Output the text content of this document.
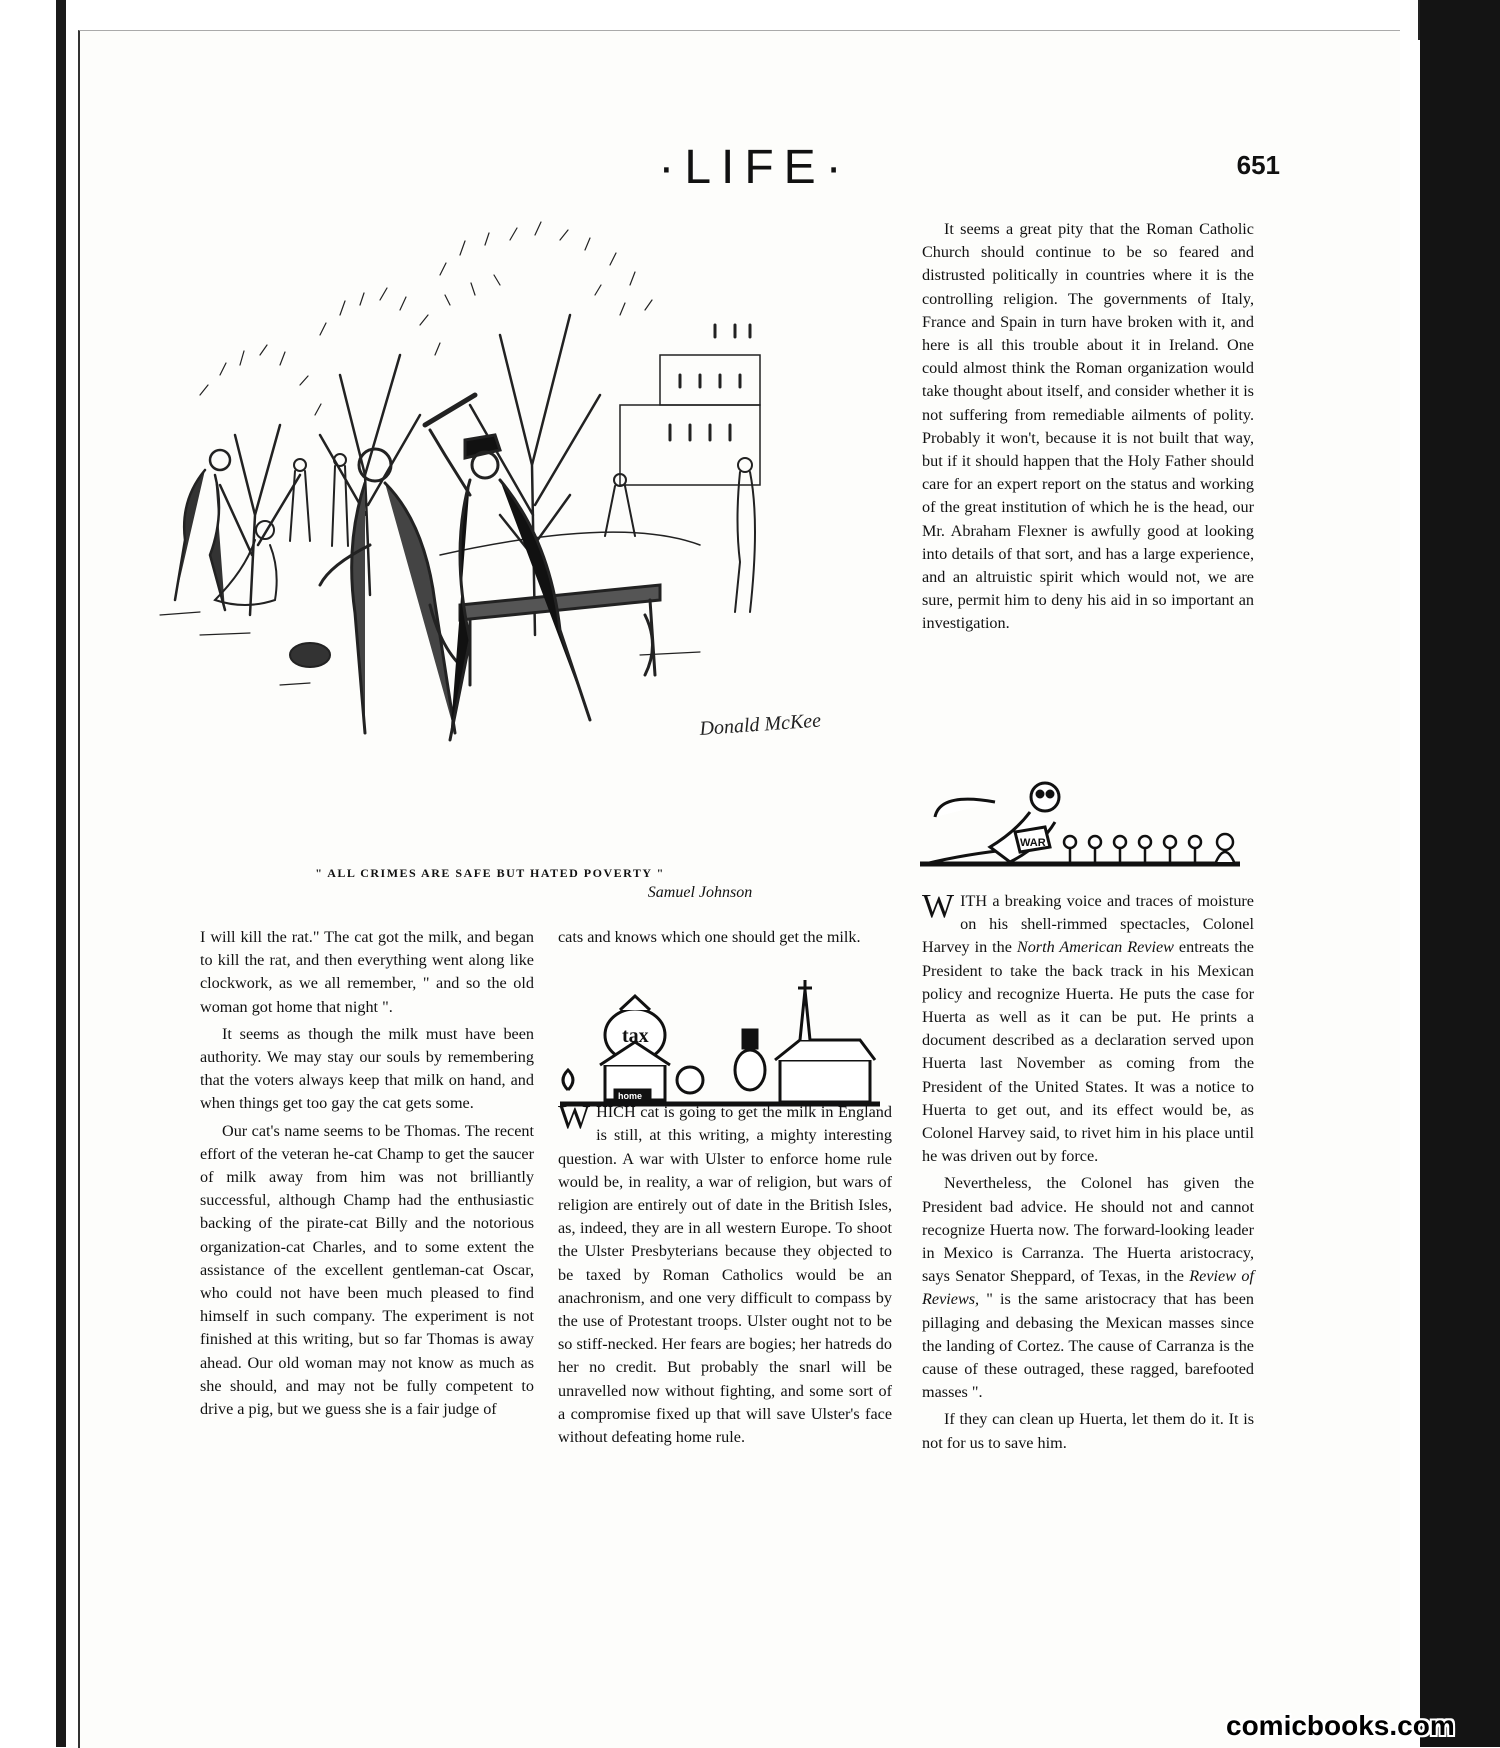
·LIFE·	651
Donald McKee
" ALL CRIMES ARE SAFE BUT HATED POVERTY "
Samuel Johnson

I will kill the rat." The cat got the milk, and began to kill the rat, and then everything went along like clockwork, as we all remember, " and so the old woman got home that night ".

It seems as though the milk must have been authority. We may stay our souls by remembering that the voters always keep that milk on hand, and when things get too gay the cat gets some.

Our cat's name seems to be Thomas. The recent effort of the veteran he-cat Champ to get the saucer of milk away from him was not brilliantly successful, although Champ had the enthusiastic backing of the pirate-cat Billy and the notorious organization-cat Charles, and to some extent the assistance of the excellent gentleman-cat Oscar, who could not have been much pleased to find himself in such company. The experiment is not finished at this writing, but so far Thomas is away ahead. Our old woman may not know as much as she should, and may not be fully competent to drive a pig, but we guess she is a fair judge of

cats and knows which one should get the milk.

WHICH cat is going to get the milk in England is still, at this writing, a mighty interesting question. A war with Ulster to enforce home rule would be, in reality, a war of religion, but wars of religion are entirely out of date in the British Isles, as, indeed, they are in all western Europe. To shoot the Ulster Presbyterians because they objected to be taxed by Roman Catholics would be an anachronism, and one very difficult to compass by the use of Protestant troops. Ulster ought not to be so stiff-necked. Her fears are bogies; her hatreds do her no credit. But probably the snarl will be unravelled now without fighting, and some sort of a compromise fixed up that will save Ulster's face without defeating home rule.

tax
home

It seems a great pity that the Roman Catholic Church should continue to be so feared and distrusted politically in countries where it is the controlling religion. The governments of Italy, France and Spain in turn have broken with it, and here is all this trouble about it in Ireland. One could almost think the Roman organization would take thought about itself, and consider whether it is not suffering from remediable ailments of polity. Probably it won't, because it is not built that way, but if it should happen that the Holy Father should care for an expert report on the status and working of the great institution of which he is the head, our Mr. Abraham Flexner is awfully good at looking into details of that sort, and has a large experience, and an altruistic spirit which would not, we are sure, permit him to deny his aid in so important an investigation.

WAR

WITH a breaking voice and traces of moisture on his shell-rimmed spectacles, Colonel Harvey in the North American Review entreats the President to take the back track in his Mexican policy and recognize Huerta. He puts the case for Huerta as well as it can be put. He prints a document described as a declaration served upon Huerta last November as coming from the President of the United States. It was a notice to Huerta to get out, and its effect would be, as Colonel Harvey said, to rivet him in his place until he was driven out by force.

Nevertheless, the Colonel has given the President bad advice. He should not and cannot recognize Huerta now. The forward-looking leader in Mexico is Carranza. The Huerta aristocracy, says Senator Sheppard, of Texas, in the Review of Reviews, " is the same aristocracy that has been pillaging and debasing the Mexican masses since the landing of Cortez. The cause of Carranza is the cause of these outraged, these ragged, barefooted masses ".

If they can clean up Huerta, let them do it. It is not for us to save him.

comicbooks.com
